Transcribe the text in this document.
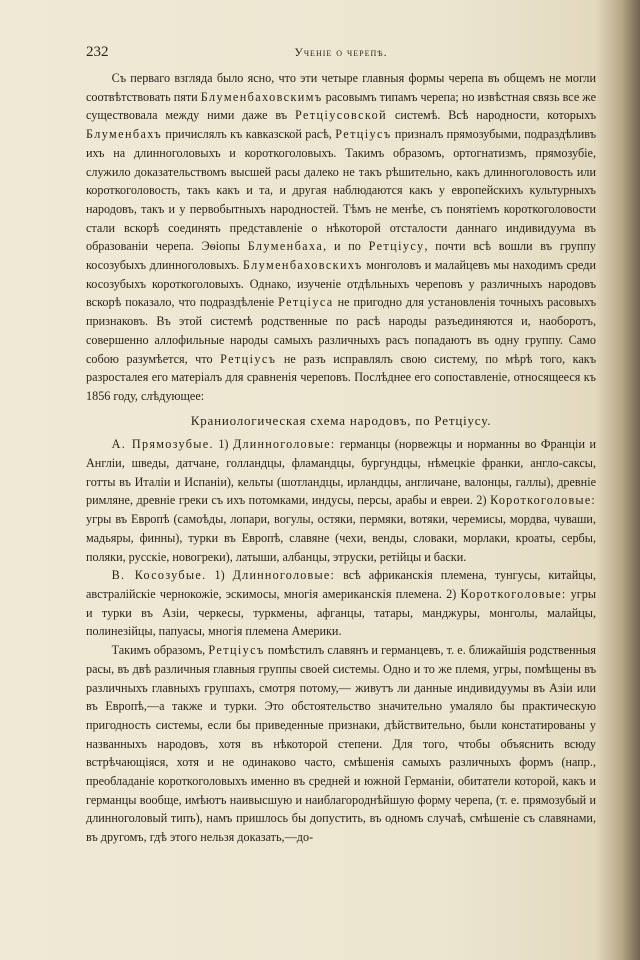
232	Ученiе о черепѣ.

Съ перваго взгляда было ясно, что эти четыре главныя формы черепа въ общемъ не могли соотвѣтствовать пяти Блуменбаховскимъ расовымъ типамъ черепа; но извѣстная связь все же существовала между ними даже въ Ретцiусовской системѣ. Всѣ народности, которыхъ Блуменбахъ причислялъ къ кавказской расѣ, Ретцiусъ призналъ прямозубыми, подраздѣливъ ихъ на длинноголовыхъ и короткоголовыхъ. Такимъ образомъ, ортогнатизмъ, прямозубiе, служило доказательствомъ высшей расы далеко не такъ рѣшительно, какъ длинноголовость или короткоголовость, такъ какъ и та, и другая наблюдаются какъ у европейскихъ культурныхъ народовъ, такъ и у первобытныхъ народностей. Тѣмъ не менѣе, съ понятiемъ короткоголовости стали вскорѣ соединять представленiе о нѣкоторой отсталости даннаго индивидуума въ образованiи черепа. Эѳiопы Блуменбаха, и по Ретцiусу, почти всѣ вошли въ группу косозубыхъ длинноголовыхъ. Блуменбаховскихъ монголовъ и малайцевъ мы находимъ среди косозубыхъ короткоголовыхъ. Однако, изученiе отдѣльныхъ череповъ у различныхъ народовъ вскорѣ показало, что подраздѣленiе Ретцiуса не пригодно для установленiя точныхъ расовыхъ признаковъ. Въ этой системѣ родственные по расѣ народы разъединяются и, наоборотъ, совершенно аллофильные народы самыхъ различныхъ расъ попадаютъ въ одну группу. Само собою разумѣется, что Ретцiусъ не разъ исправлялъ свою систему, по мѣрѣ того, какъ разросталея его матерiалъ для сравненiя череповъ. Послѣднее его сопоставленiе, относящееся къ 1856 году, слѣдующее:

Краниологическая схема народовъ, по Ретцiусу.

A. Прямозубые. 1) Длинноголовые: германцы (норвежцы и норманны во Францiи и Англiи, шведы, датчане, голландцы, фламандцы, бургундцы, нѣмецкiе франки, англо-саксы, готты въ Италiи и Испанiи), кельты (шотландцы, ирландцы, англичане, валонцы, галлы), древнiе римляне, древнiе греки съ ихъ потомками, индусы, персы, арабы и евреи. 2) Короткоголовые: угры въ Европѣ (самоѣды, лопари, вогулы, остяки, пермяки, вотяки, черемисы, мордва, чуваши, мадьяры, финны), турки въ Европѣ, славяне (чехи, венды, словаки, морлаки, кроаты, сербы, поляки, русскiе, новогреки), латыши, албанцы, этруски, ретiйцы и баски.

B. Косозубые. 1) Длинноголовые: всѣ африканскiя племена, тунгусы, китайцы, австралiйскiе чернокожiе, эскимосы, многiя американскiя племена. 2) Короткоголовые: угры и турки въ Азiи, черкесы, туркмены, афганцы, татары, манджуры, монголы, малайцы, полинезiйцы, папуасы, многiя племена Америки.

Такимъ образомъ, Ретцiусъ помѣстилъ славянъ и германцевъ, т. е. ближайшiя родственныя расы, въ двѣ различныя главныя группы своей системы. Одно и то же племя, угры, помѣщены въ различныхъ главныхъ группахъ, смотря потому,— живутъ ли данные индивидуумы въ Азiи или въ Европѣ,—а также и турки. Это обстоятельство значительно умаляло бы практическую пригодность системы, если бы приведенные признаки, дѣйствительно, были констатированы у названныхъ народовъ, хотя въ нѣкоторой степени. Для того, чтобы объяснить всюду встрѣчающiяся, хотя и не одинаково часто, смѣшенiя самыхъ различныхъ формъ (напр., преобладанiе короткоголовыхъ именно въ средней и южной Германiи, обитатели которой, какъ и германцы вообще, имѣютъ наивысшую и наиблагороднѣйшую форму черепа, (т. е. прямозубый и длинноголовый типъ), намъ пришлось бы допустить, въ одномъ случаѣ, смѣшенiе съ славянами, въ другомъ, гдѣ этого нельзя доказать,—до-
